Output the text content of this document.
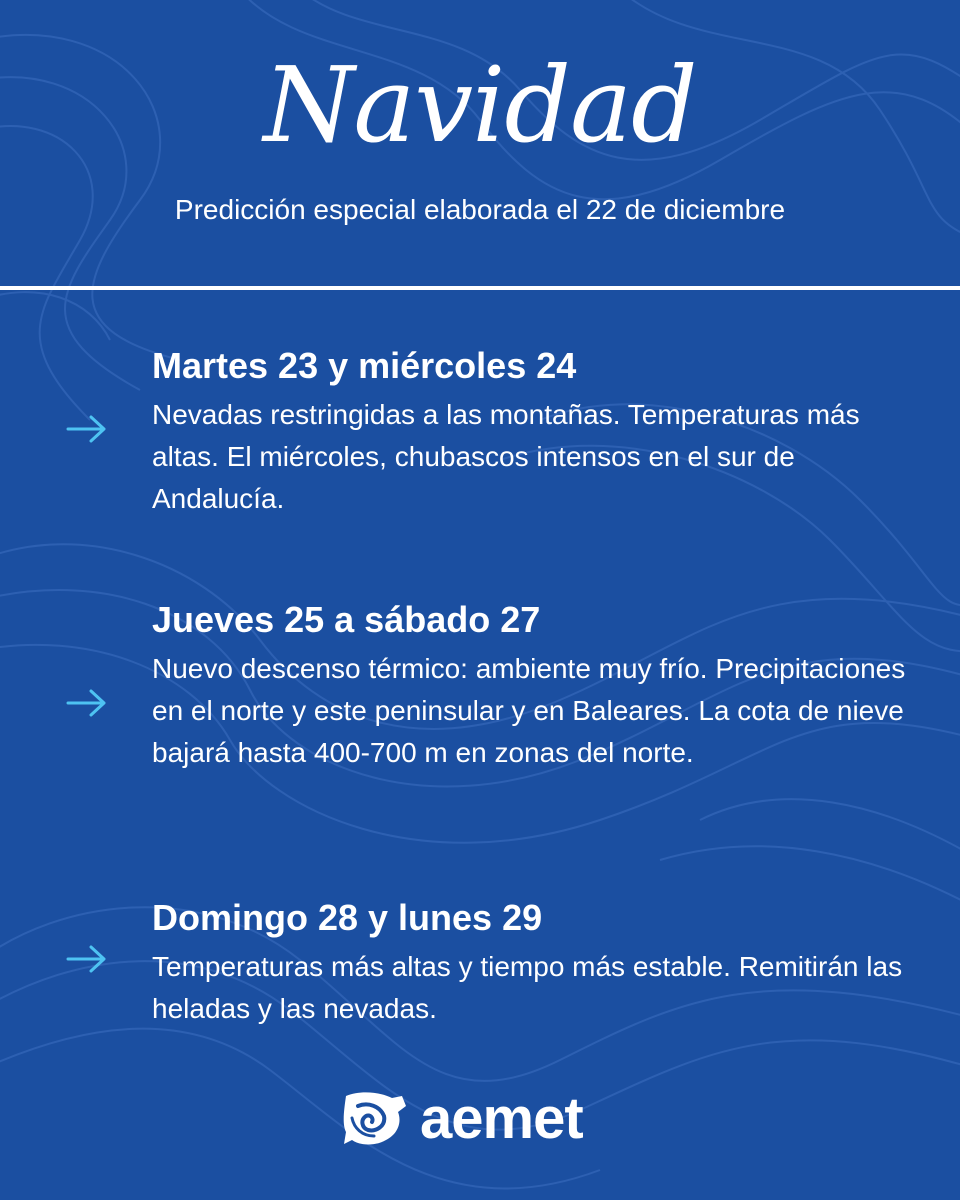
Navidad
Predicción especial elaborada el 22 de diciembre
Martes 23 y miércoles 24

Nevadas restringidas a las montañas. Temperaturas más altas. El miércoles, chubascos intensos en el sur de Andalucía.

Jueves 25 a sábado 27

Nuevo descenso térmico: ambiente muy frío. Precipitaciones en el norte y este peninsular y en Baleares. La cota de nieve bajará hasta 400-700 m en zonas del norte.

Domingo 28 y lunes 29

Temperaturas más altas y tiempo más estable. Remitirán las heladas y las nevadas.

aemet
